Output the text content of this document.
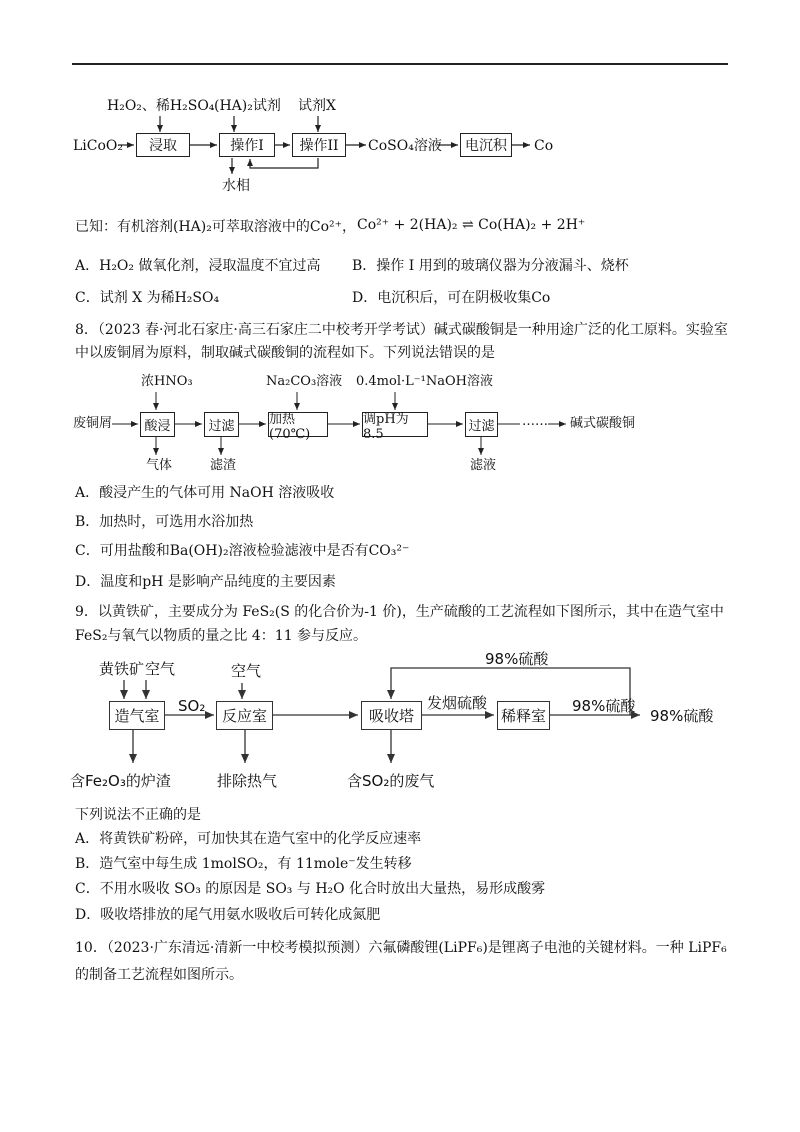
H₂O₂、稀H₂SO₄ (HA)₂试剂 试剂X
LiCoO₂	浸取	操作I	操作II	CoSO₄溶液	电沉积	Co
水相
已知：有机溶剂(HA)₂可萃取溶液中的Co²⁺， Co²⁺ + 2(HA)₂ ⇌ Co(HA)₂ + 2H⁺
A．H₂O₂ 做氧化剂，浸取温度不宜过高 B．操作 I 用到的玻璃仪器为分液漏斗、烧杯
C．试剂 X 为稀H₂SO₄	D．电沉积后，可在阴极收集Co
8．（2023 春·河北石家庄·高三石家庄二中校考开学考试）碱式碳酸铜是一种用途广泛的化工原料。实验室
中以废铜屑为原料，制取碱式碳酸铜的流程如下。下列说法错误的是
浓HNO₃	Na₂CO₃溶液 0.4mol·L⁻¹NaOH溶液
废铜屑	酸浸	过滤	加热(70℃)
调pH为8.5	过滤 …… 碱式碳酸铜
气体	滤渣	滤液
A．酸浸产生的气体可用 NaOH 溶液吸收
B．加热时，可选用水浴加热
C．可用盐酸和Ba(OH)₂溶液检验滤液中是否有CO₃²⁻
D．温度和pH 是影响产品纯度的主要因素
9．以黄铁矿，主要成分为 FeS₂(S 的化合价为-1 价)，生产硫酸的工艺流程如下图所示，其中在造气室中
FeS₂与氧气以物质的量之比 4：11 参与反应。
黄铁矿 空气	空气
98%硫酸
造气室
SO₂
反应室	吸收塔
发烟硫酸
稀释室
98%硫酸
98%硫酸
含Fe₂O₃的炉渣	排除热气	含SO₂的废气
下列说法不正确的是
A．将黄铁矿粉碎，可加快其在造气室中的化学反应速率
B．造气室中每生成 1molSO₂，有 11mole⁻发生转移
C．不用水吸收 SO₃ 的原因是 SO₃ 与 H₂O 化合时放出大量热，易形成酸雾
D．吸收塔排放的尾气用氨水吸收后可转化成氮肥
10．（2023·广东清远·清新一中校考模拟预测）六氟磷酸锂(LiPF₆)是锂离子电池的关键材料。一种 LiPF₆
的制备工艺流程如图所示。
